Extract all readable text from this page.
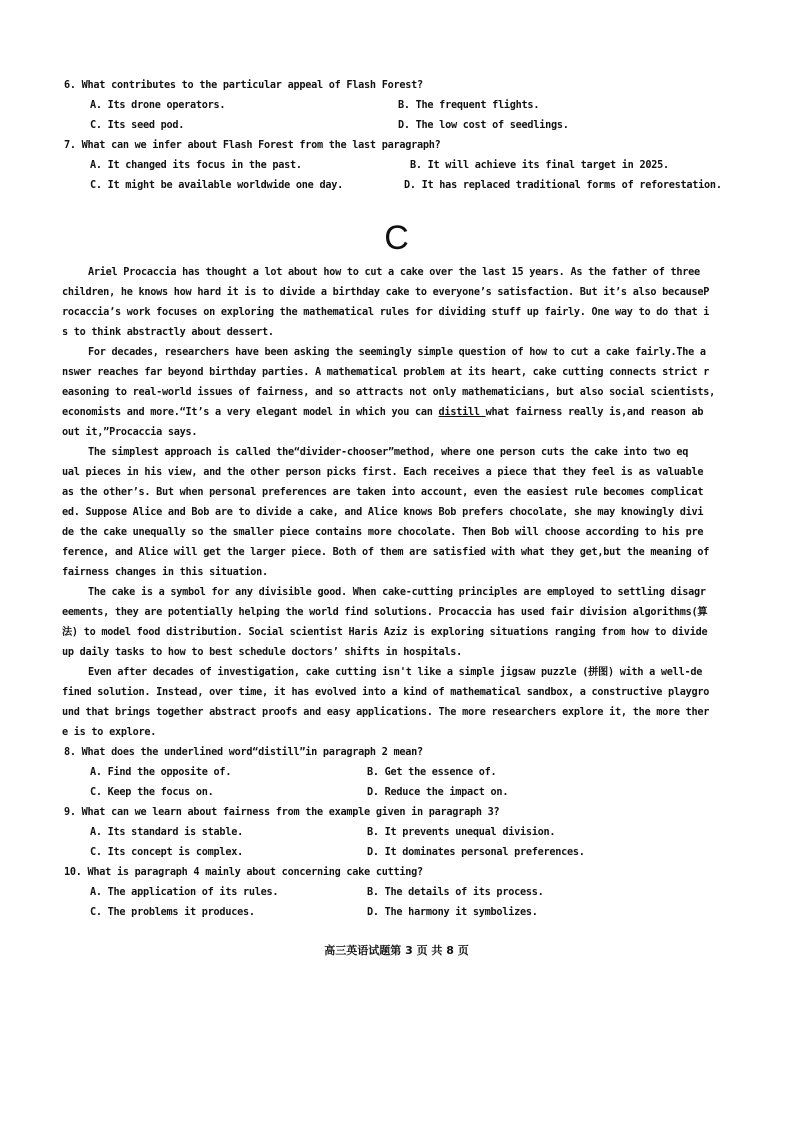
6. What contributes to the particular appeal of Flash Forest?
A. Its drone operators.	B. The frequent flights.
C. Its seed pod.	D. The low cost of seedlings.
7. What can we infer about Flash Forest from the last paragraph?
A. It changed its focus in the past.	B. It will achieve its final target in 2025.
C. It might be available worldwide one day.	D. It has replaced traditional forms of reforestation.
C
Ariel Procaccia has thought a lot about how to cut a cake over the last 15 years. As the father of three
children, he knows how hard it is to divide a birthday cake to everyone’s satisfaction. But it’s also becauseP
rocaccia’s work focuses on exploring the mathematical rules for dividing stuff up fairly. One way to do that i
s to think abstractly about dessert.
For decades, researchers have been asking the seemingly simple question of how to cut a cake fairly.The a
nswer reaches far beyond birthday parties. A mathematical problem at its heart, cake cutting connects strict r
easoning to real-world issues of fairness, and so attracts not only mathematicians, but also social scientists,
economists and more.“It’s a very elegant model in which you can distill what fairness really is,and reason ab
out it,”Procaccia says.
The simplest approach is called the“divider-chooser”method, where one person cuts the cake into two eq
ual pieces in his view, and the other person picks first. Each receives a piece that they feel is as valuable
as the other’s. But when personal preferences are taken into account, even the easiest rule becomes complicat
ed. Suppose Alice and Bob are to divide a cake, and Alice knows Bob prefers chocolate, she may knowingly divi
de the cake unequally so the smaller piece contains more chocolate. Then Bob will choose according to his pre
ference, and Alice will get the larger piece. Both of them are satisfied with what they get,but the meaning of
fairness changes in this situation.
The cake is a symbol for any divisible good. When cake-cutting principles are employed to settling disagr
eements, they are potentially helping the world find solutions. Procaccia has used fair division algorithms(算
法) to model food distribution. Social scientist Haris Aziz is exploring situations ranging from how to divide
up daily tasks to how to best schedule doctors’ shifts in hospitals.
Even after decades of investigation, cake cutting isn't like a simple jigsaw puzzle (拼图) with a well-de
fined solution. Instead, over time, it has evolved into a kind of mathematical sandbox, a constructive playgro
und that brings together abstract proofs and easy applications. The more researchers explore it, the more ther
e is to explore.
8. What does the underlined word“distill”in paragraph 2 mean?
A. Find the opposite of.	B. Get the essence of.
C. Keep the focus on.	D. Reduce the impact on.
9. What can we learn about fairness from the example given in paragraph 3?
A. Its standard is stable.	B. It prevents unequal division.
C. Its concept is complex.	D. It dominates personal preferences.
10. What is paragraph 4 mainly about concerning cake cutting?
A. The application of its rules.	B. The details of its process.
C. The problems it produces.	D. The harmony it symbolizes.
高三英语试题第 3 页 共 8 页
